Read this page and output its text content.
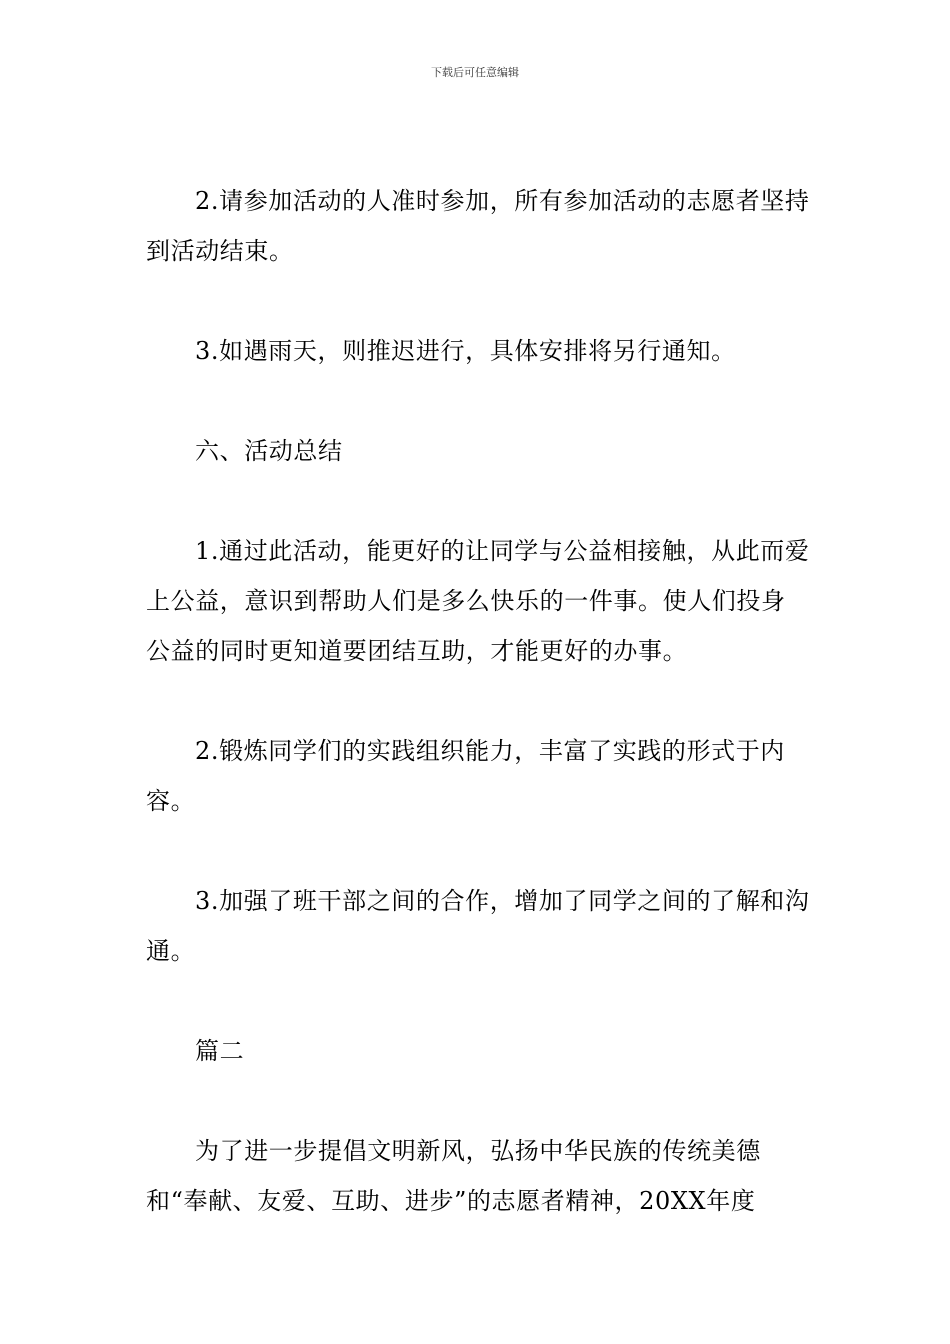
下载后可任意编辑

2.请参加活动的人准时参加，所有参加活动的志愿者坚持到活动结束。

3.如遇雨天，则推迟进行，具体安排将另行通知。

六、活动总结

1.通过此活动，能更好的让同学与公益相接触，从此而爱上公益，意识到帮助人们是多么快乐的一件事。使人们投身公益的同时更知道要团结互助，才能更好的办事。

2.锻炼同学们的实践组织能力，丰富了实践的形式于内容。

3.加强了班干部之间的合作，增加了同学之间的了解和沟通。

篇二

为了进一步提倡文明新风，弘扬中华民族的传统美德和“奉献、友爱、互助、进步”的志愿者精神，20XX年度
